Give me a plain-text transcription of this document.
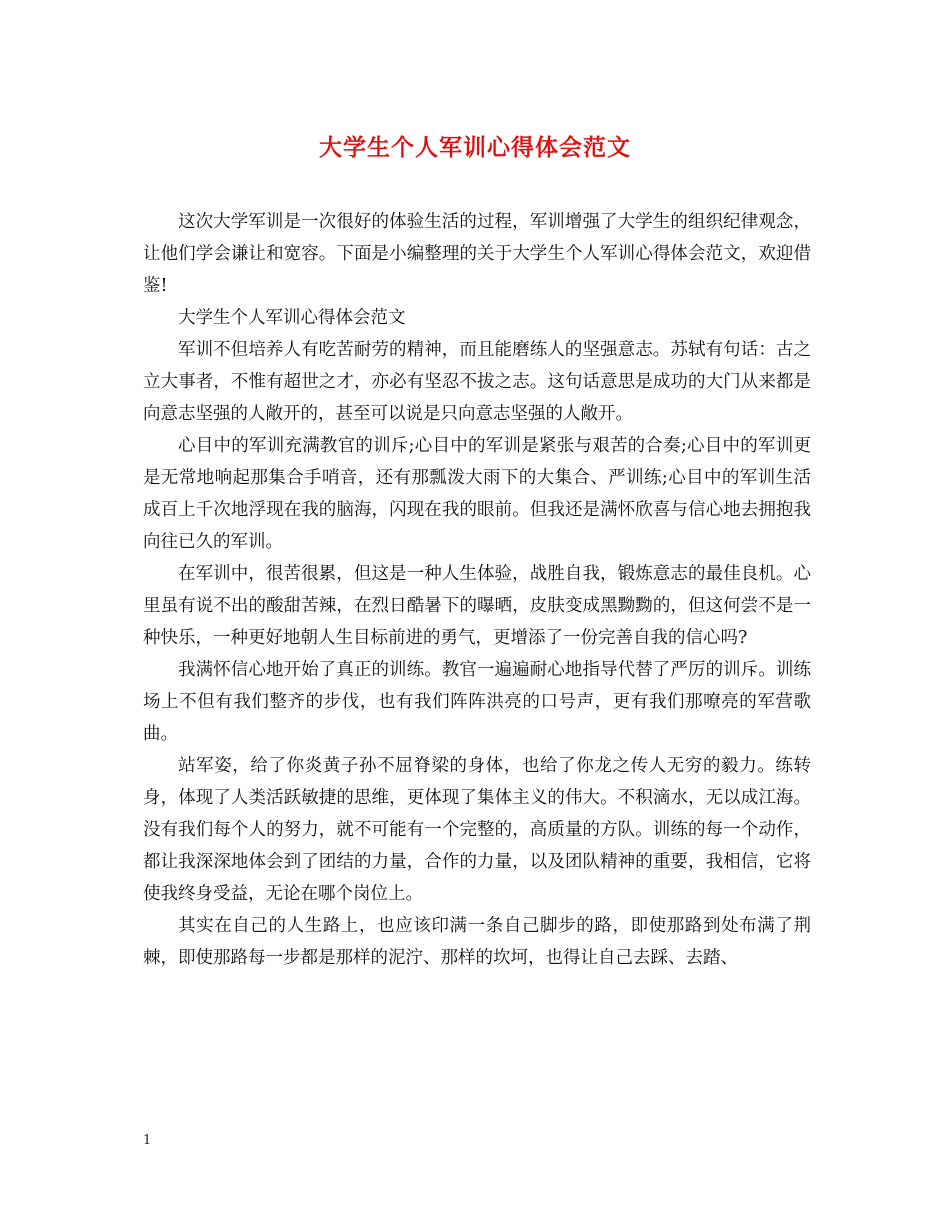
大学生个人军训心得体会范文

这次大学军训是一次很好的体验生活的过程，军训增强了大学生的组织纪律观念，让他们学会谦让和宽容。下面是小编整理的关于大学生个人军训心得体会范文，欢迎借鉴!

大学生个人军训心得体会范文

军训不但培养人有吃苦耐劳的精神，而且能磨练人的坚强意志。苏轼有句话：古之立大事者，不惟有超世之才，亦必有坚忍不拔之志。这句话意思是成功的大门从来都是向意志坚强的人敞开的，甚至可以说是只向意志坚强的人敞开。

心目中的军训充满教官的训斥;心目中的军训是紧张与艰苦的合奏;心目中的军训更是无常地响起那集合手哨音，还有那瓢泼大雨下的大集合、严训练;心目中的军训生活成百上千次地浮现在我的脑海，闪现在我的眼前。但我还是满怀欣喜与信心地去拥抱我向往已久的军训。

在军训中，很苦很累，但这是一种人生体验，战胜自我，锻炼意志的最佳良机。心里虽有说不出的酸甜苦辣，在烈日酷暑下的曝晒，皮肤变成黑黝黝的，但这何尝不是一种快乐，一种更好地朝人生目标前进的勇气，更增添了一份完善自我的信心吗?

我满怀信心地开始了真正的训练。教官一遍遍耐心地指导代替了严厉的训斥。训练场上不但有我们整齐的步伐，也有我们阵阵洪亮的口号声，更有我们那嘹亮的军营歌曲。

站军姿，给了你炎黄子孙不屈脊梁的身体，也给了你龙之传人无穷的毅力。练转身，体现了人类活跃敏捷的思维，更体现了集体主义的伟大。不积滴水，无以成江海。没有我们每个人的努力，就不可能有一个完整的，高质量的方队。训练的每一个动作，都让我深深地体会到了团结的力量，合作的力量，以及团队精神的重要，我相信，它将使我终身受益，无论在哪个岗位上。

其实在自己的人生路上，也应该印满一条自己脚步的路，即使那路到处布满了荆棘，即使那路每一步都是那样的泥泞、那样的坎坷，也得让自己去踩、去踏、

1
